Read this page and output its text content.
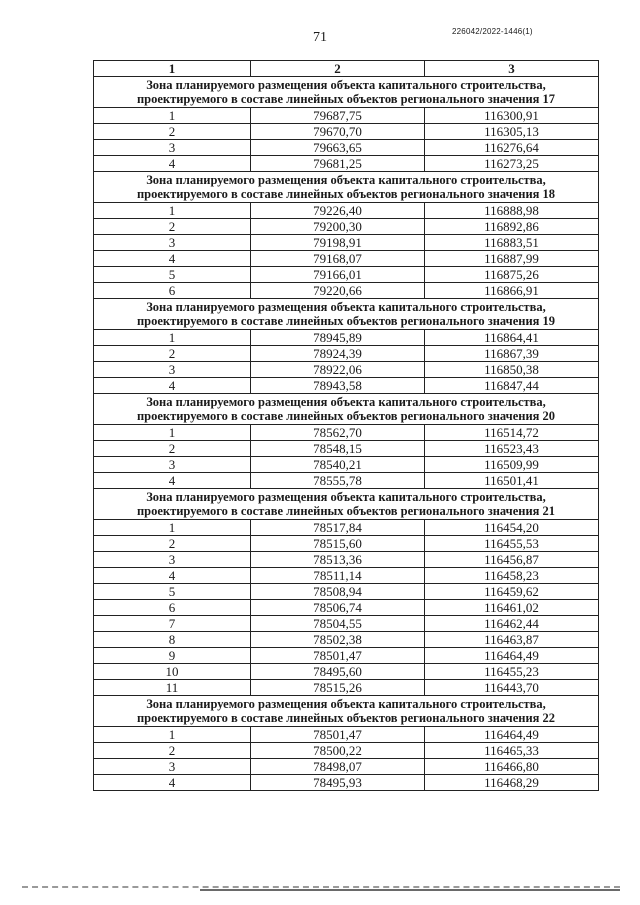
71	226042/2022-1446(1)
1	2	3

Зона планируемого размещения объекта капитального строительства,
проектируемого в составе линейных объектов регионального значения 17		

1	79687,75	116300,91
2	79670,70	116305,13
3	79663,65	116276,64
4	79681,25	116273,25

Зона планируемого размещения объекта капитального строительства,
проектируемого в составе линейных объектов регионального значения 18		

1	79226,40	116888,98
2	79200,30	116892,86
3	79198,91	116883,51
4	79168,07	116887,99
5	79166,01	116875,26
6	79220,66	116866,91

Зона планируемого размещения объекта капитального строительства,
проектируемого в составе линейных объектов регионального значения 19		

1	78945,89	116864,41
2	78924,39	116867,39
3	78922,06	116850,38
4	78943,58	116847,44

Зона планируемого размещения объекта капитального строительства,
проектируемого в составе линейных объектов регионального значения 20		

1	78562,70	116514,72
2	78548,15	116523,43
3	78540,21	116509,99
4	78555,78	116501,41

Зона планируемого размещения объекта капитального строительства,
проектируемого в составе линейных объектов регионального значения 21		

1	78517,84	116454,20
2	78515,60	116455,53
3	78513,36	116456,87
4	78511,14	116458,23
5	78508,94	116459,62
6	78506,74	116461,02
7	78504,55	116462,44
8	78502,38	116463,87
9	78501,47	116464,49
10	78495,60	116455,23
11	78515,26	116443,70

Зона планируемого размещения объекта капитального строительства,
проектируемого в составе линейных объектов регионального значения 22		

1	78501,47	116464,49
2	78500,22	116465,33
3	78498,07	116466,80
4	78495,93	116468,29
